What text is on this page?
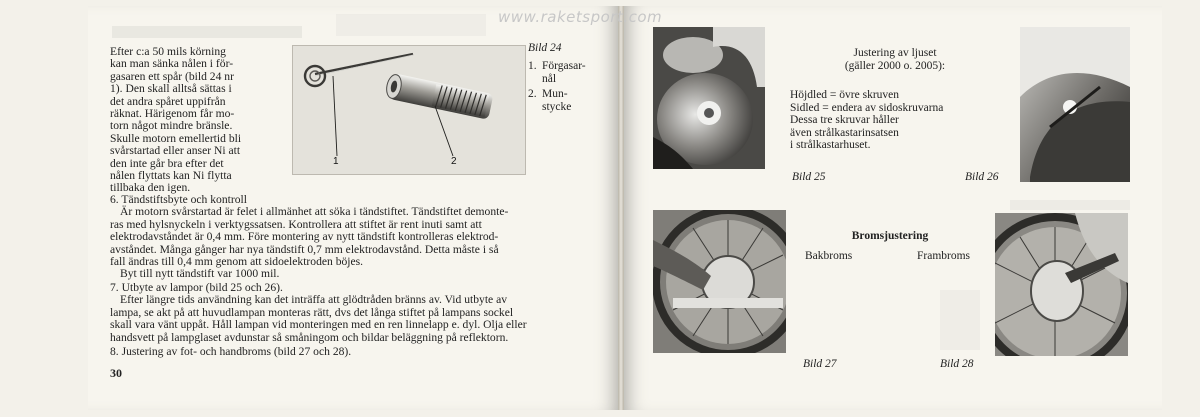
www.raketsport.com
Efter c:a 50 mils körning
kan man sänka nålen i för-
gasaren ett spår (bild 24 nr
1). Den skall alltså sättas i
det andra spåret uppifrån
räknat. Härigenom får mo-
torn något mindre bränsle.
Skulle motorn emellertid bli
svårstartad eller anser Ni att
den inte går bra efter det
nålen flyttats kan Ni flytta
tillbaka den igen.
1	2
Bild 24
1. Förgasar-
nål
2. Mun-
stycke
6. Tändstiftsbyte och kontroll
Är motorn svårstartad är felet i allmänhet att söka i tändstiftet. Tändstiftet demonte-
ras med hylsnyckeln i verktygssatsen. Kontrollera att stiftet är rent inuti samt att
elektrodavståndet är 0,4 mm. Före montering av nytt tändstift kontrolleras elektrod-
avståndet. Många gånger har nya tändstift 0,7 mm elektrodavstånd. Detta måste i så
fall ändras till 0,4 mm genom att sidoelektroden böjes.
Byt till nytt tändstift var 1000 mil.
7. Utbyte av lampor (bild 25 och 26).
Efter längre tids användning kan det inträffa att glödtråden bränns av. Vid utbyte av
lampa, se akt på att huvudlampan monteras rätt, dvs det långa stiftet på lampans sockel
skall vara vänt uppåt. Håll lampan vid monteringen med en ren linnelapp e. dyl. Olja eller
handsvett på lampglaset avdunstar så småningom och bildar beläggning på reflektorn.
8. Justering av fot- och handbroms (bild 27 och 28).
30
Justering av ljuset
(gäller 2000 o. 2005):
Höjdled = övre skruven
Sidled = endera av sidoskruvarna
Dessa tre skruvar håller
även strålkastarinsatsen
i strålkastarhuset.
Bild 25	Bild 26
Bromsjustering
Bakbroms	Frambroms
Bild 27	Bild 28
